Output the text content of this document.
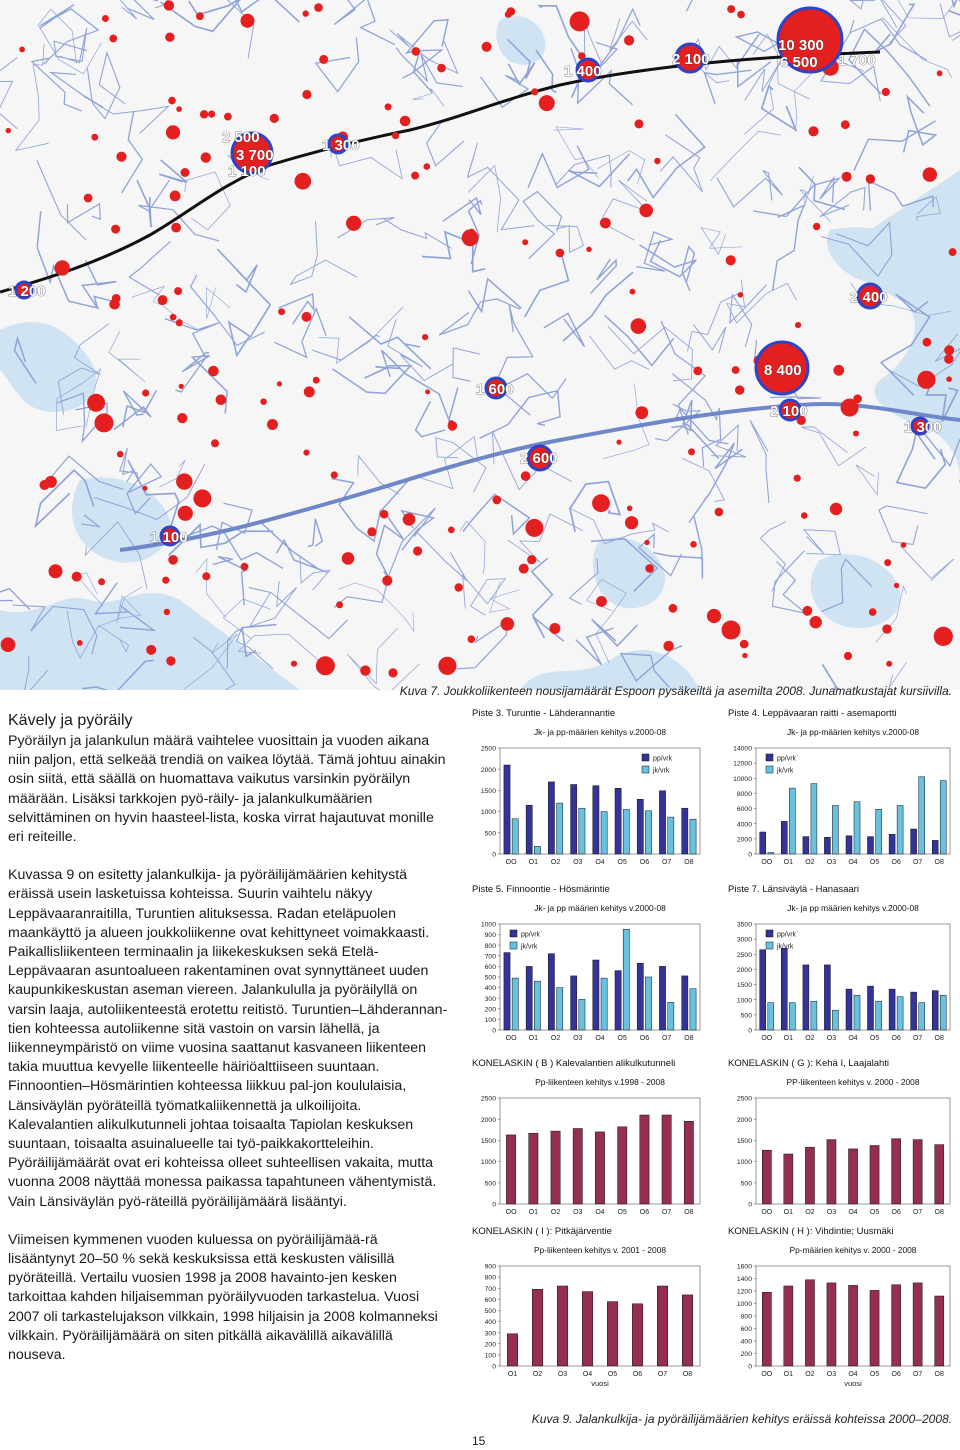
10 300
6 500 1 700
2 100
1 400
2 500
3 700
1 100
1 300
1 200	2 400
8 400
1 600
2 100
1 300
2 600
1 100
Kuva 7. Joukkoliikenteen nousijamäärät Espoon pysäkeiltä ja asemilta 2008. Junamatkustajat kursiivilla.
Kävely ja pyöräily

Pyöräilyn ja jalankulun määrä vaihtelee vuosittain ja vuoden aikana niin paljon, että selkeää trendiä on vaikea löytää. Tämä johtuu ainakin osin siitä, että säällä on huomattava vaikutus varsinkin pyöräilyn määrään. Lisäksi tarkkojen pyö-räily- ja jalankulkumäärien selvittäminen on hyvin haasteel-lista, koska virrat hajautuvat monille eri reiteille.

Kuvassa 9 on esitetty jalankulkija- ja pyöräilijämäärien kehitystä eräissä usein lasketuissa kohteissa. Suurin vaihtelu näkyy Leppävaaranraitilla, Turuntien alituksessa. Radan eteläpuolen maankäyttö ja alueen joukkoliikenne ovat kehittyneet voimakkaasti. Paikallisliikenteen terminaalin ja liikekeskuksen sekä Etelä-Leppävaaran asuntoalueen rakentaminen ovat synnyttäneet uuden kaupunkikeskustan aseman viereen. Jalankululla ja pyöräilyllä on varsin laaja, autoliikenteestä erotettu reitistö. Turuntien–Lähderannan-tien kohteessa autoliikenne sitä vastoin on varsin lähellä, ja liikenneympäristö on viime vuosina saattanut kasvaneen liikenteen takia muuttua kevyelle liikenteelle häiriöalttiiseen suuntaan. Finnoontien–Hösmärintien kohteessa liikkuu pal-jon koululaisia, Länsiväylän pyöräteillä työmatkaliikennettä ja ulkoilijoita. Kalevalantien alikulkutunneli johtaa toisaalta Tapiolan keskuksen suuntaan, toisaalta asuinalueelle tai työ-paikkakortteleihin. Pyöräilijämäärät ovat eri kohteissa olleet suhteellisen vakaita, mutta vuonna 2008 näyttää monessa paikassa tapahtuneen vähentymistä. Vain Länsiväylän pyö-räteillä pyöräilijämäärä lisääntyi.

Viimeisen kymmenen vuoden kuluessa on pyöräilijämää-rä lisääntynyt 20–50 % sekä keskuksissa että keskusten välisillä pyöräteillä. Vertailu vuosien 1998 ja 2008 havainto-jen kesken tarkoittaa kahden hiljaisemman pyöräilyvuoden tarkastelua. Vuosi 2007 oli tarkastelujakson vilkkain, 1998 hiljaisin ja 2008 kolmanneksi vilkkain. Pyöräilijämäärä on siten pitkällä aikavälillä aikavälillä nouseva.

Piste 3. Turuntie - Lähderannantie
Jk- ja pp-määrien kehitys v.2000-08
0
500
1000
1500
2000
2500
OO O1 O2 O3 O4 O5 O6 O7 O8
pp/vrk
jk/vrk
Piste 4. Leppävaaran raitti - asemaportti
Jk- ja pp-määrien kehitys v.2000-08
0
2000
4000
6000
8000
10000
12000
14000
OO O1 O2 O3 O4 O5 O6 O7 O8
pp/vrk
jk/vrk
Piste 5. Finnoontie - Hösmärintie
Jk- ja pp määrien kehitys v.2000-08
0
100
200
300
400
500
600
700
800
900
1000
OO O1 O2 O3 O4 O5 O6 O7 O8
pp/vrk
jk/vrk
Piste 7. Länsiväylä - Hanasaari
Jk- ja pp määrien kehitys v.2000-08
0
500
1000
1500
2000
2500
3000
3500
OO O1 O2 O3 O4 O5 O6 O7 O8
pp/vrk
jk/vrk
KONELASKIN ( B ) Kalevalantien alikulkutunneli
Pp-liikenteen kehitys v.1998 - 2008
0
500
1000
1500
2000
2500
OO O1 O2 O3 O4 O5 O6 O7 O8
KONELASKIN ( G ): Kehä I, Laajalahti
PP-liikenteen kehitys v. 2000 - 2008
0
500
1000
1500
2000
2500
OO O1 O2 O3 O4 O5 O6 O7 O8
KONELASKIN ( I ): Pitkäjärventie
Pp-liikenteen kehitys v. 2001 - 2008
0
100
200
300
400
500
600
700
800
900
O1 O2 O3 O4 O5 O6 O7 O8
vuosi
KONELASKIN ( H ): Vihdintie; Uusmäki
Pp-määrien kehitys v. 2000 - 2008
0
200
400
600
800
1000
1200
1400
1600
OO O1 O2 O3 O4 O5 O6 O7 O8
vuosi
Kuva 9. Jalankulkija- ja pyöräilijämäärien kehitys eräissä kohteissa 2000–2008.
15
